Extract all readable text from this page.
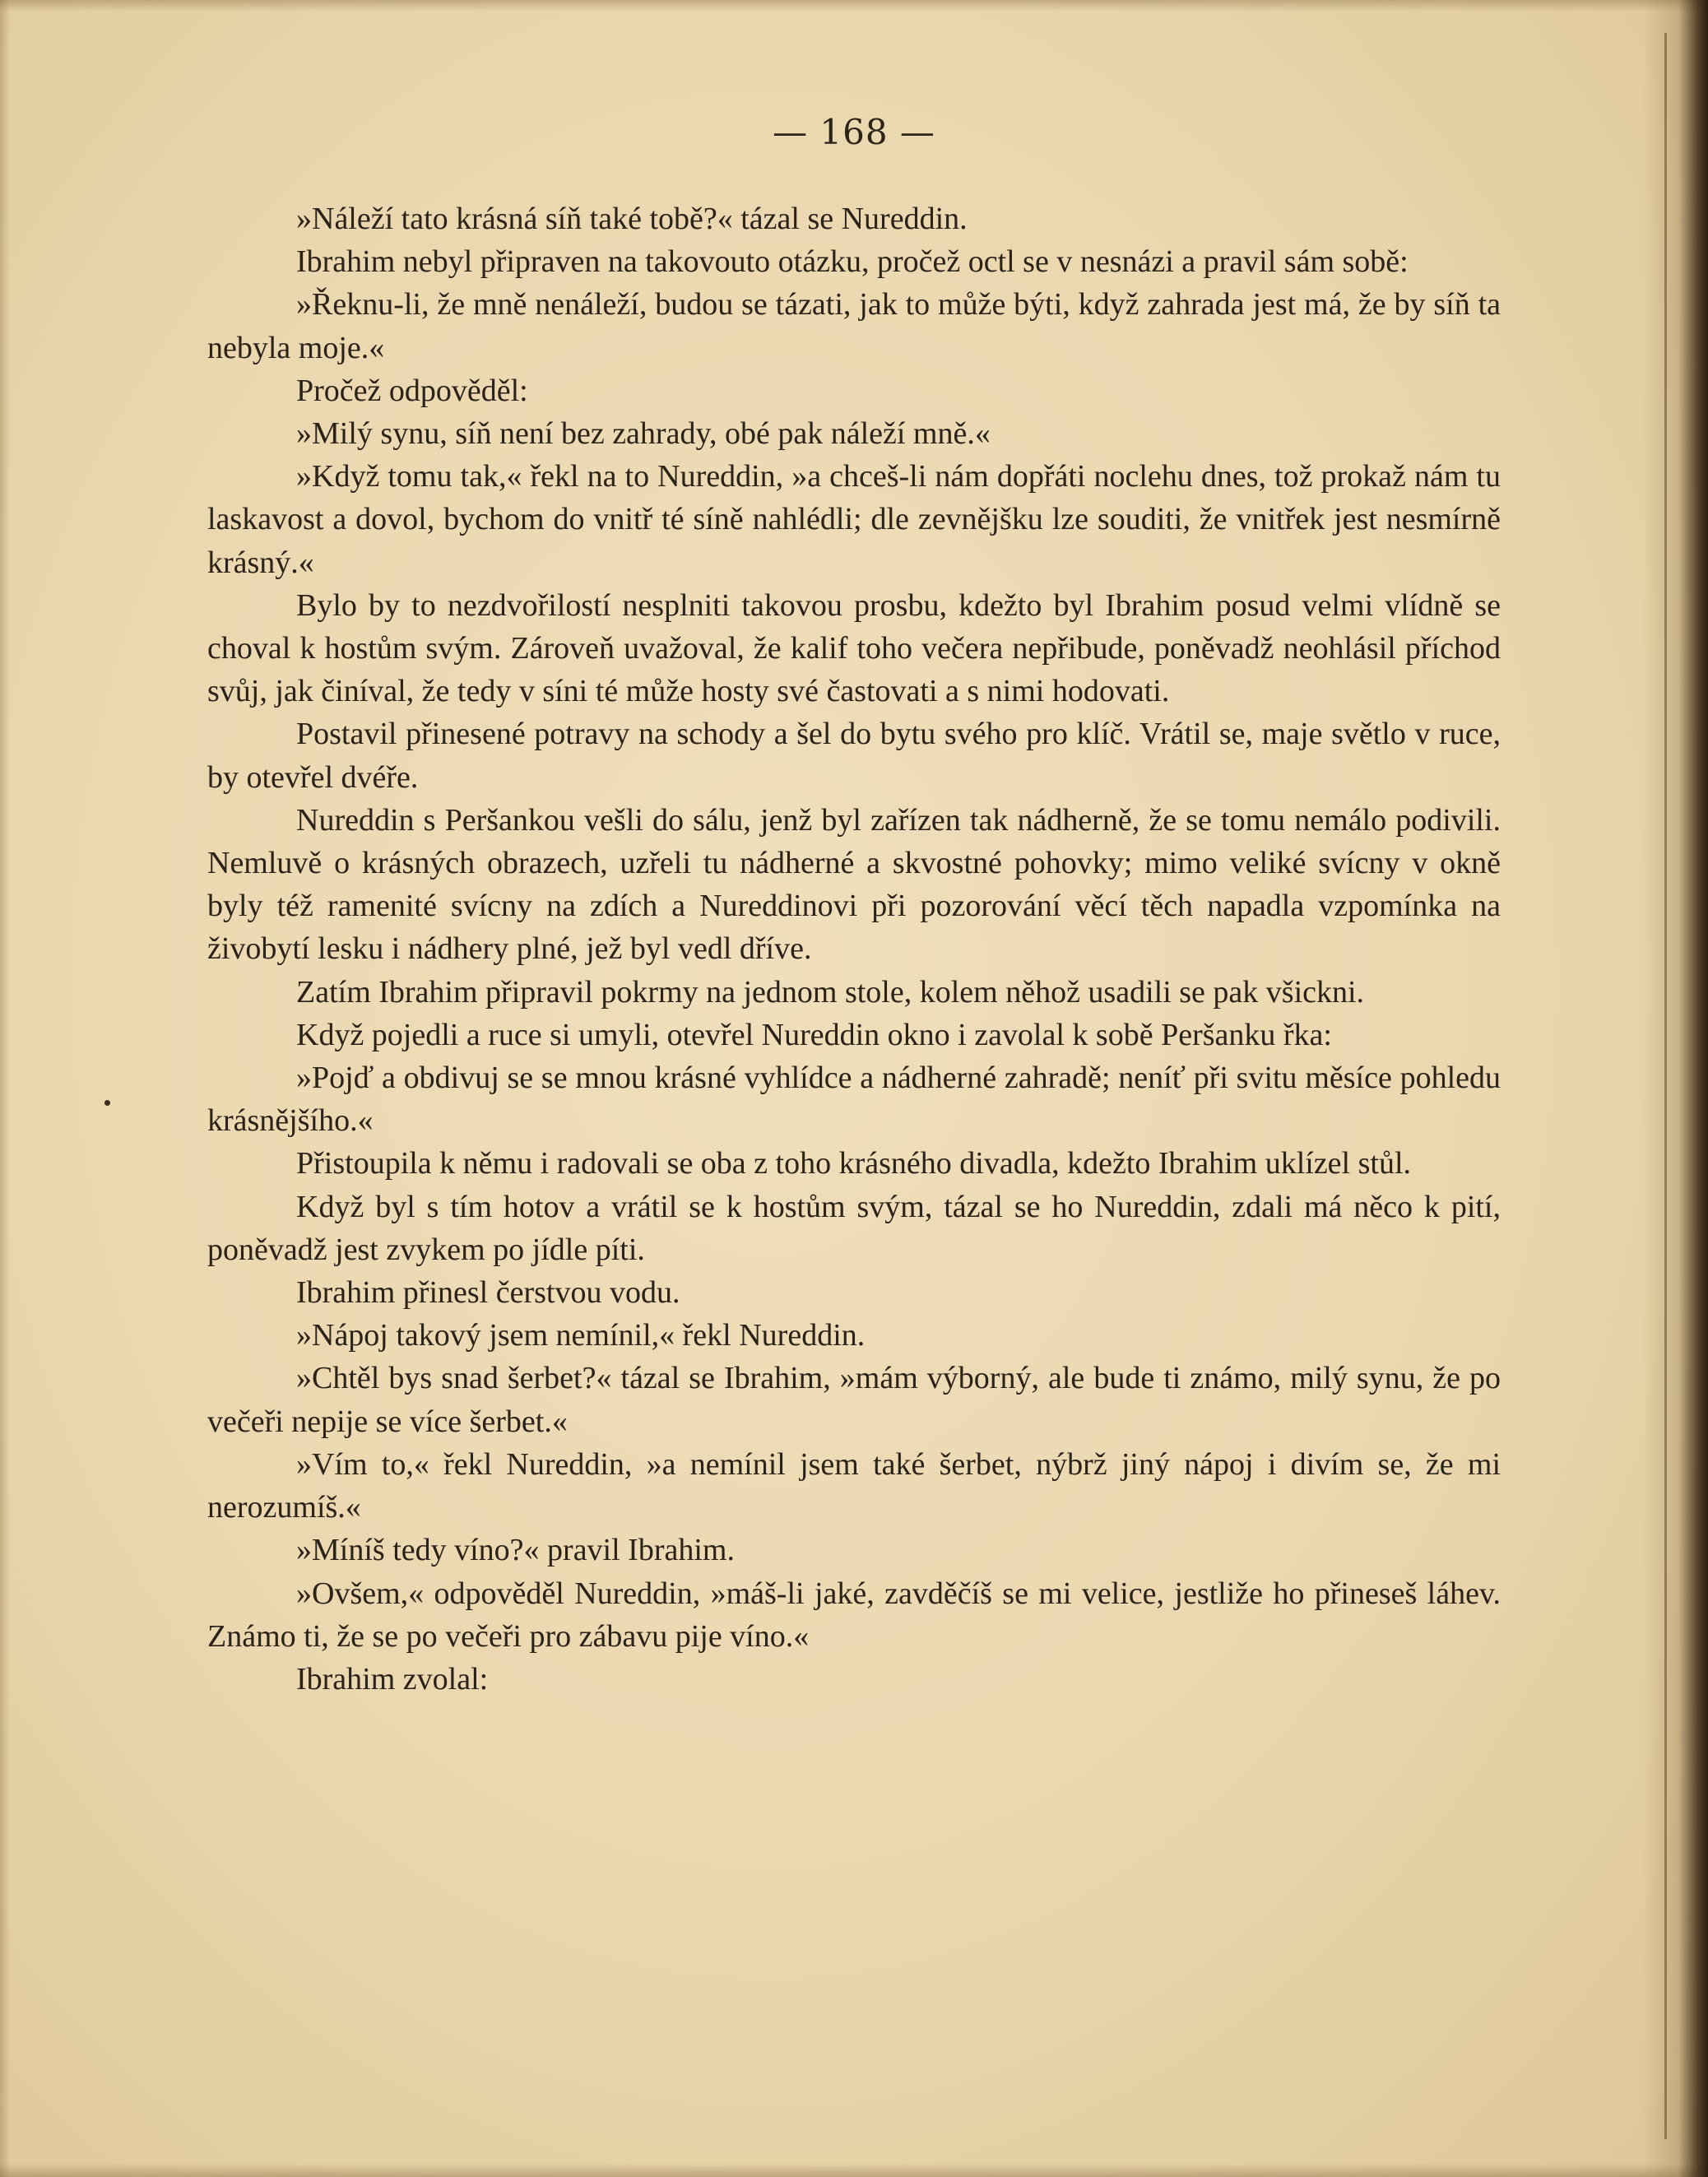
— 168 —

»Náleží tato krásná síň také tobě?« tázal se Nureddin.

Ibrahim nebyl připraven na takovouto otázku, pročež octl se v nesnázi a pravil sám sobě:

»Řeknu-li, že mně nenáleží, budou se tázati, jak to může býti, když zahrada jest má, že by síň ta nebyla moje.«

Pročež odpověděl:

»Milý synu, síň není bez zahrady, obé pak náleží mně.«

»Když tomu tak,« řekl na to Nureddin, »a chceš-li nám dopřáti noclehu dnes, tož prokaž nám tu laskavost a dovol, bychom do vnitř té síně nahlédli; dle zevnějšku lze souditi, že vnitřek jest nesmírně krásný.«

Bylo by to nezdvořilostí nesplniti takovou prosbu, kdežto byl Ibrahim posud velmi vlídně se choval k hostům svým. Zároveň uvažoval, že kalif toho večera nepřibude, poněvadž neohlásil příchod svůj, jak činíval, že tedy v síni té může hosty své častovati a s nimi hodovati.

Postavil přinesené potravy na schody a šel do bytu svého pro klíč. Vrátil se, maje světlo v ruce, by otevřel dvéře.

Nureddin s Peršankou vešli do sálu, jenž byl zařízen tak nádherně, že se tomu nemálo podivili. Nemluvě o krásných obrazech, uzřeli tu nádherné a skvostné pohovky; mimo veliké svícny v okně byly též ramenité svícny na zdích a Nureddinovi při pozorování věcí těch napadla vzpomínka na živobytí lesku i nádhery plné, jež byl vedl dříve.

Zatím Ibrahim připravil pokrmy na jednom stole, kolem něhož usadili se pak všickni.

Když pojedli a ruce si umyli, otevřel Nureddin okno i zavolal k sobě Peršanku řka:

»Pojď a obdivuj se se mnou krásné vyhlídce a nádherné zahradě; neníť při svitu měsíce pohledu krásnějšího.«

Přistoupila k němu i radovali se oba z toho krásného divadla, kdežto Ibrahim uklízel stůl.

Když byl s tím hotov a vrátil se k hostům svým, tázal se ho Nureddin, zdali má něco k pití, poněvadž jest zvykem po jídle píti.

Ibrahim přinesl čerstvou vodu.

»Nápoj takový jsem nemínil,« řekl Nureddin.

»Chtěl bys snad šerbet?« tázal se Ibrahim, »mám výborný, ale bude ti známo, milý synu, že po večeři nepije se více šerbet.«

»Vím to,« řekl Nureddin, »a nemínil jsem také šerbet, nýbrž jiný nápoj i divím se, že mi nerozumíš.«

»Míníš tedy víno?« pravil Ibrahim.

»Ovšem,« odpověděl Nureddin, »máš-li jaké, zavděčíš se mi velice, jestliže ho přineseš láhev. Známo ti, že se po večeři pro zábavu pije víno.«

Ibrahim zvolal:
